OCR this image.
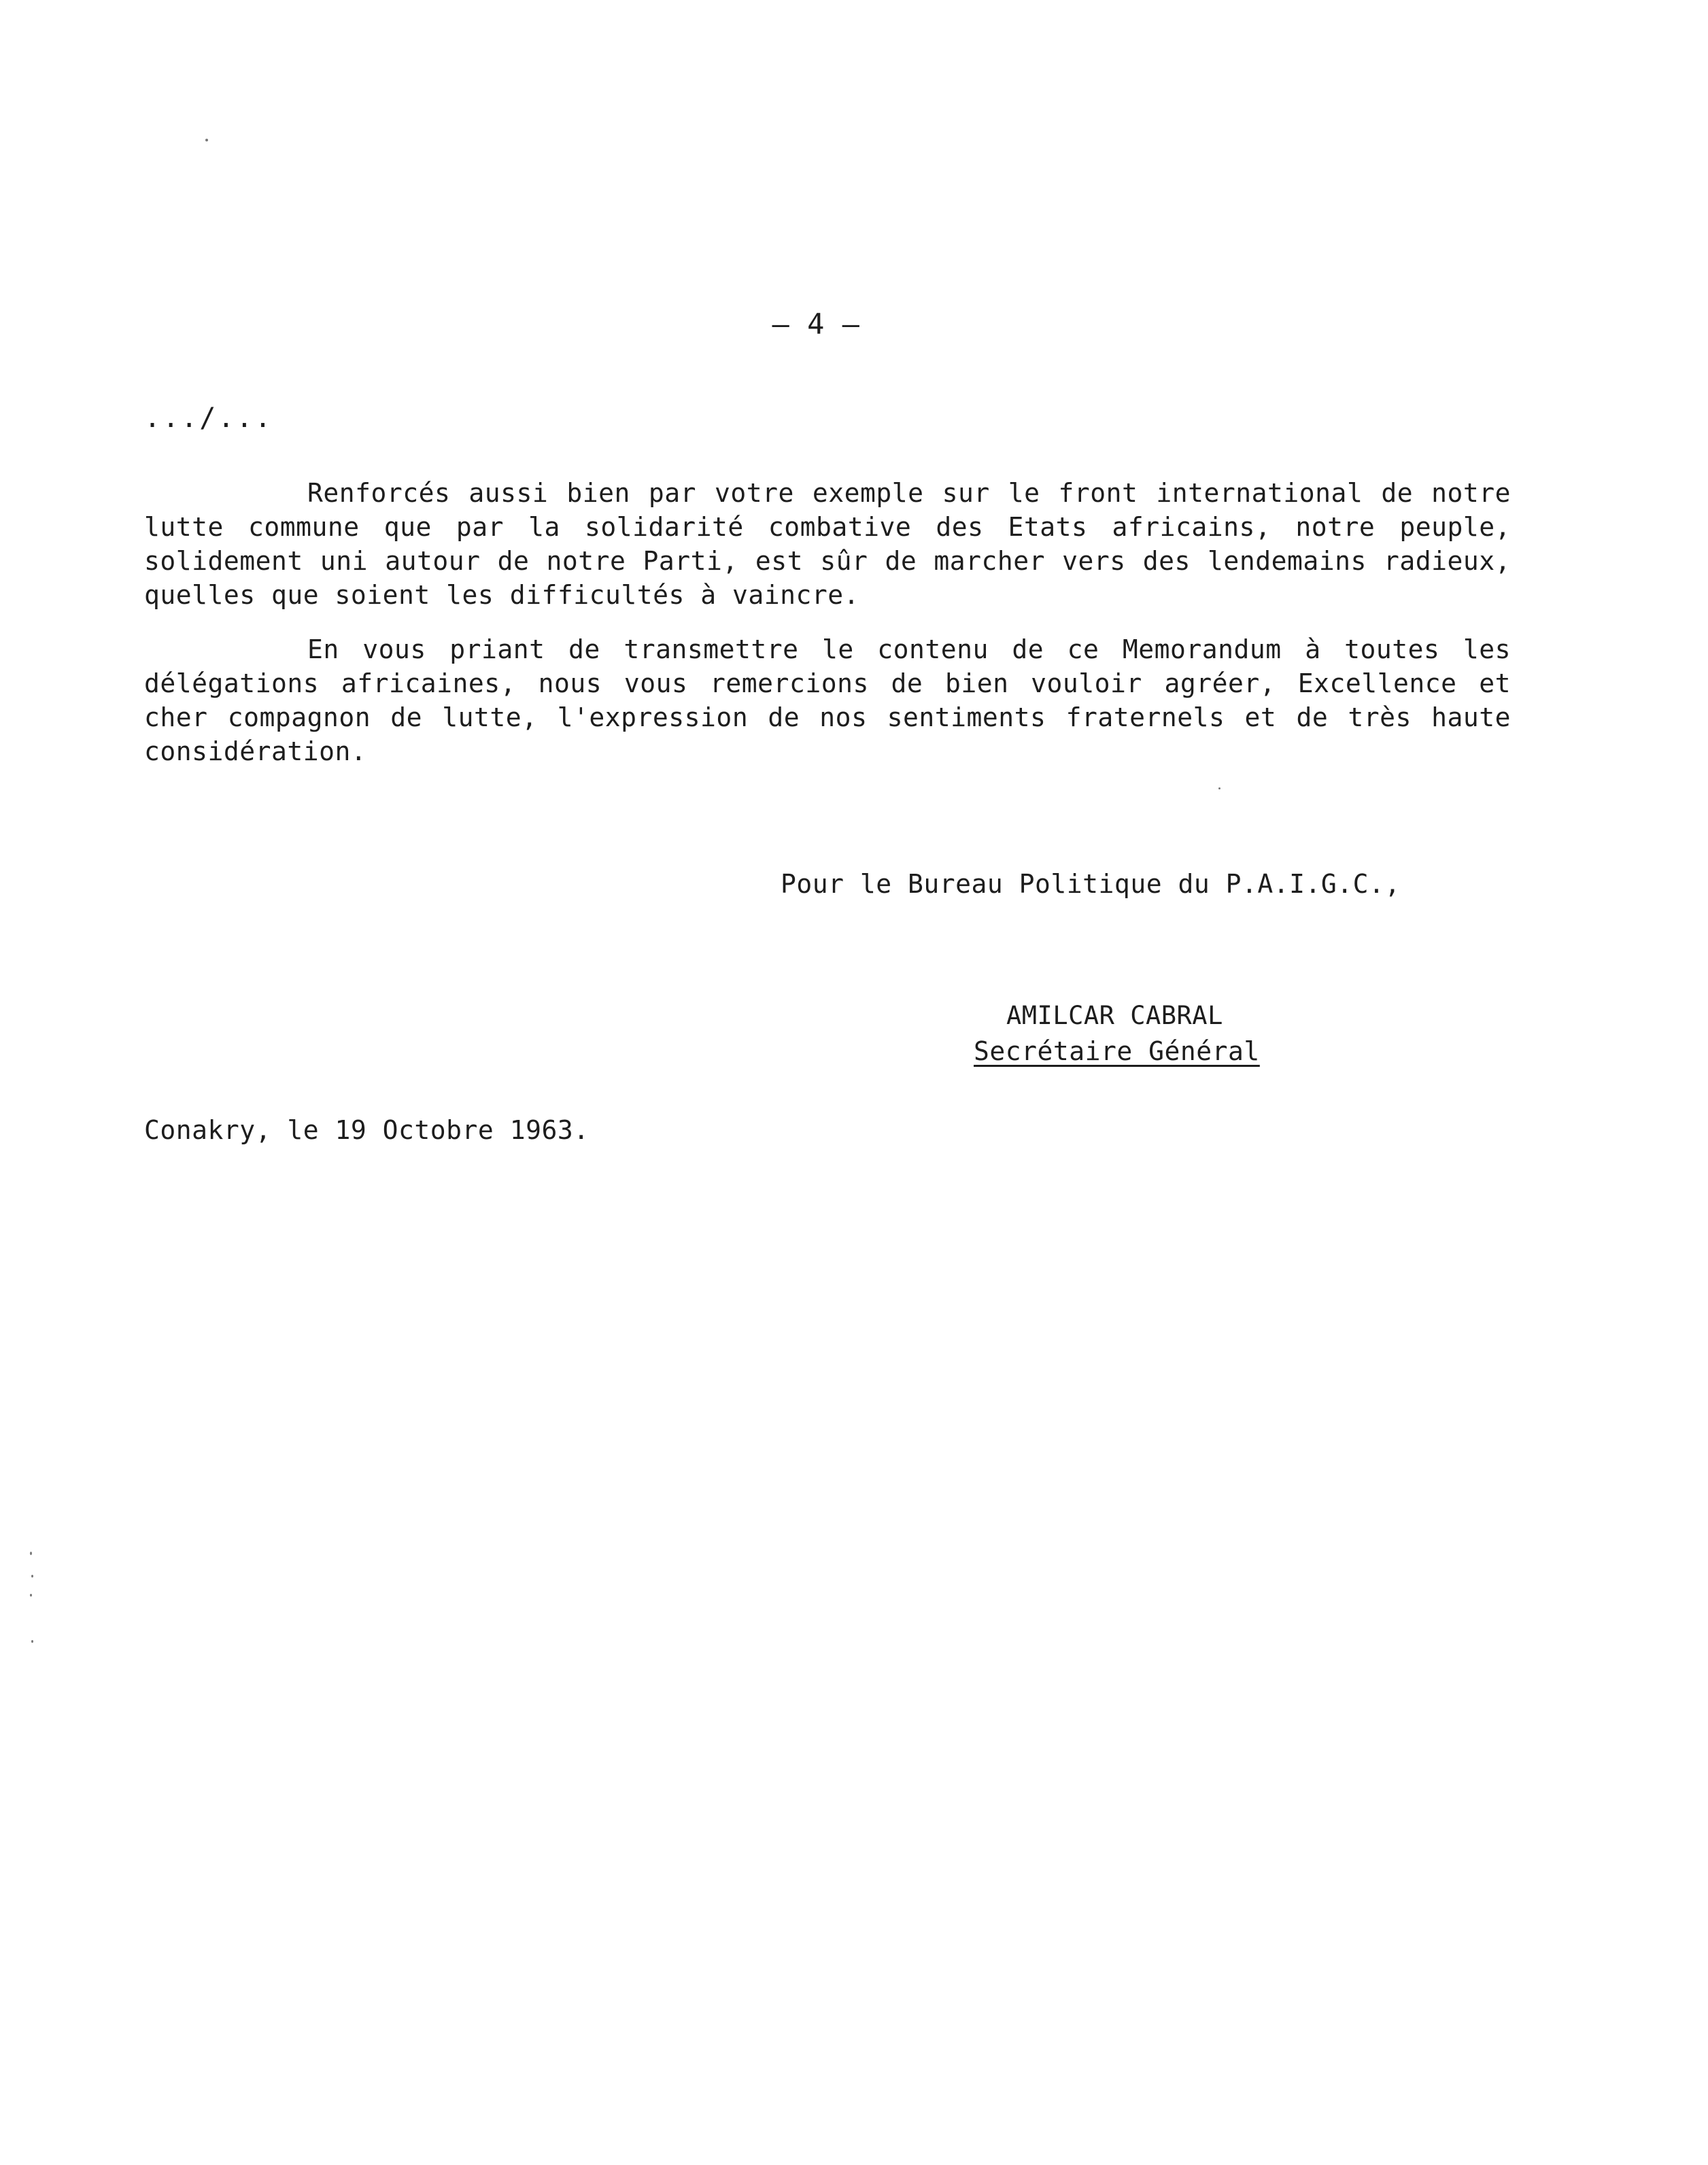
– 4 –
.../...

Renforcés aussi bien par votre exemple sur le front international de notre lutte commune que par la solidarité combative des Etats africains, notre peuple, solidement uni autour de notre Parti, est sûr de marcher vers des lendemains radieux, quelles que soient les difficultés à vaincre.

En vous priant de transmettre le contenu de ce Memorandum à toutes les délégations africaines, nous vous remercions de bien vouloir agréer, Excellence et cher compagnon de lutte, l'expression de nos sentiments fraternels et de très haute considération.

Pour le Bureau Politique du P.A.I.G.C.,
AMILCAR CABRAL
Secrétaire Général
Conakry, le 19 Octobre 1963.
